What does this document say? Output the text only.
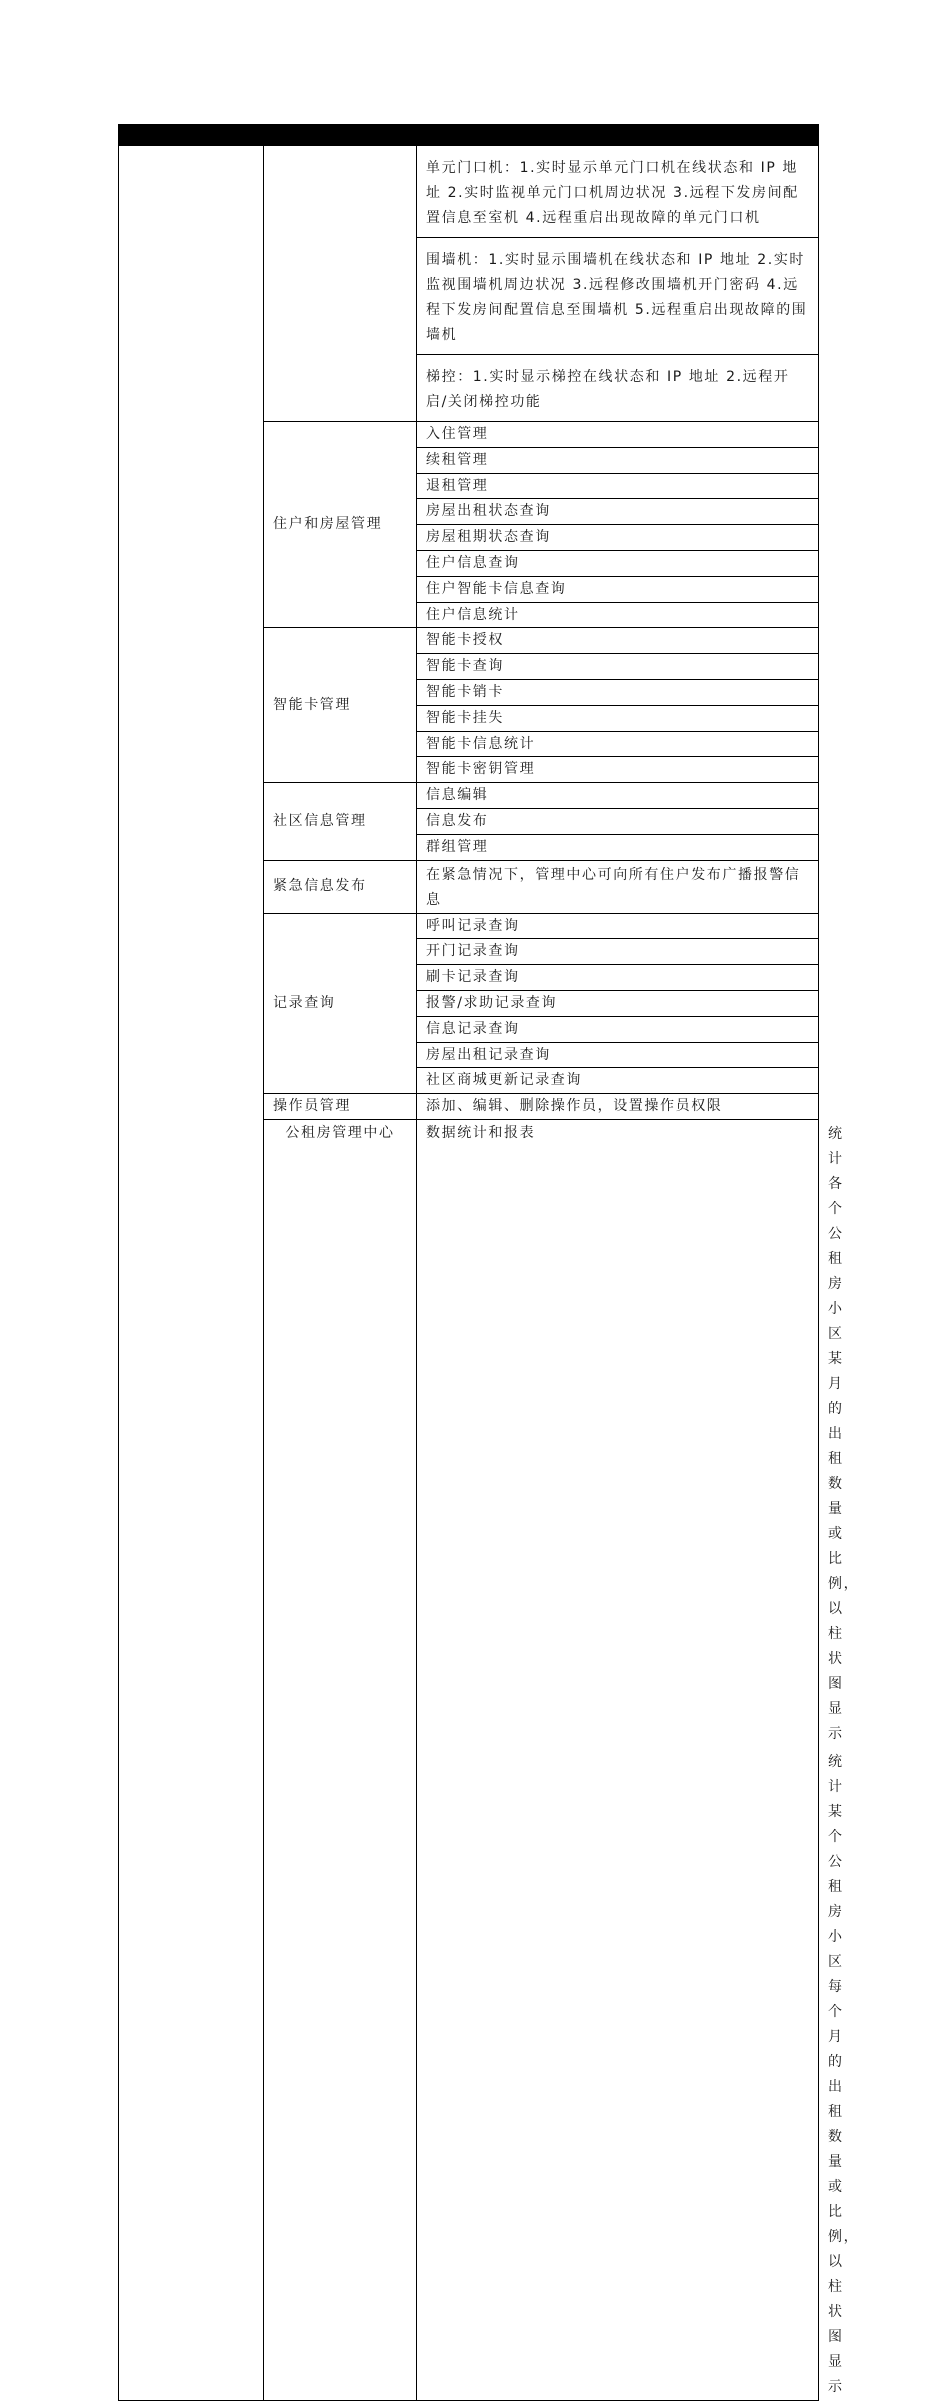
		单元门口机：1.实时显示单元门口机在线状态和 IP 地址 2.实时监视单元门口机周边状况 3.远程下发房间配置信息至室机 4.远程重启出现故障的单元门口机	
		围墙机：1.实时显示围墙机在线状态和 IP 地址 2.实时监视围墙机周边状况 3.远程修改围墙机开门密码 4.远程下发房间配置信息至围墙机 5.远程重启出现故障的围墙机	
		梯控：1.实时显示梯控在线状态和 IP 地址 2.远程开启/关闭梯控功能	
	住户和房屋管理	入住管理	
		续租管理	
		退租管理	
		房屋出租状态查询	
		房屋租期状态查询	
		住户信息查询	
		住户智能卡信息查询	
		住户信息统计	
	智能卡管理	智能卡授权	
		智能卡查询	
		智能卡销卡	
		智能卡挂失	
		智能卡信息统计	
		智能卡密钥管理	
	社区信息管理	信息编辑	
		信息发布	
		群组管理	
	紧急信息发布	在紧急情况下，管理中心可向所有住户发布广播报警信息	
	记录查询	呼叫记录查询	
		开门记录查询	
		刷卡记录查询	
		报警/求助记录查询	
		信息记录查询	
		房屋出租记录查询	
		社区商城更新记录查询	
	操作员管理	添加、编辑、删除操作员，设置操作员权限	
	公租房管理中心	数据统计和报表	统计各个公租房小区某月的出租数量或比例，以柱状图显示
			统计某个公租房小区每个月的出租数量或比例，以柱状图显示
